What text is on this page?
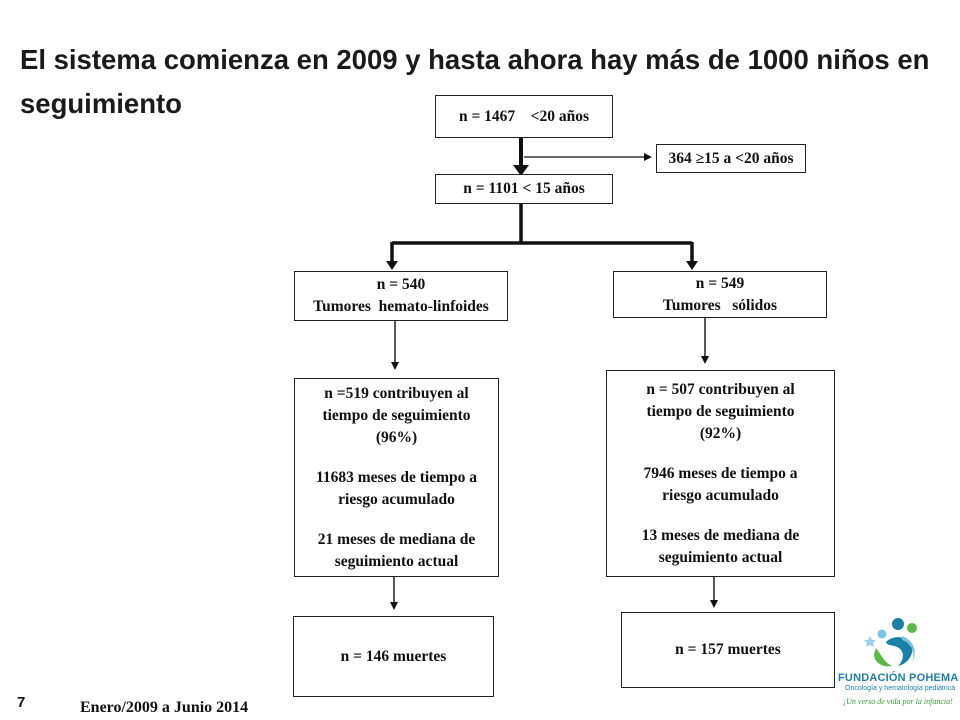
El sistema comienza en 2009 y hasta ahora hay más de 1000 niños en seguimiento	n = 1467    <20 años
364 ≥15 a <20 años
n = 1101 < 15 años
n = 540
Tumores  hemato-linfoides
n = 549
Tumores   sólidos
n =519 contribuyen al
tiempo de seguimiento
(96%)
11683 meses de tiempo a
riesgo acumulado
21 meses de mediana de
seguimiento actual
n = 507 contribuyen al
tiempo de seguimiento
(92%)
7946 meses de tiempo a
riesgo acumulado
13 meses de mediana de
seguimiento actual
n = 146 muertes	n = 157 muertes
7	Enero/2009 a Junio 2014
FUNDACIÓN POHEMA
Oncología y hematología pediátrica
¡Un verso de vida por la infancia!
